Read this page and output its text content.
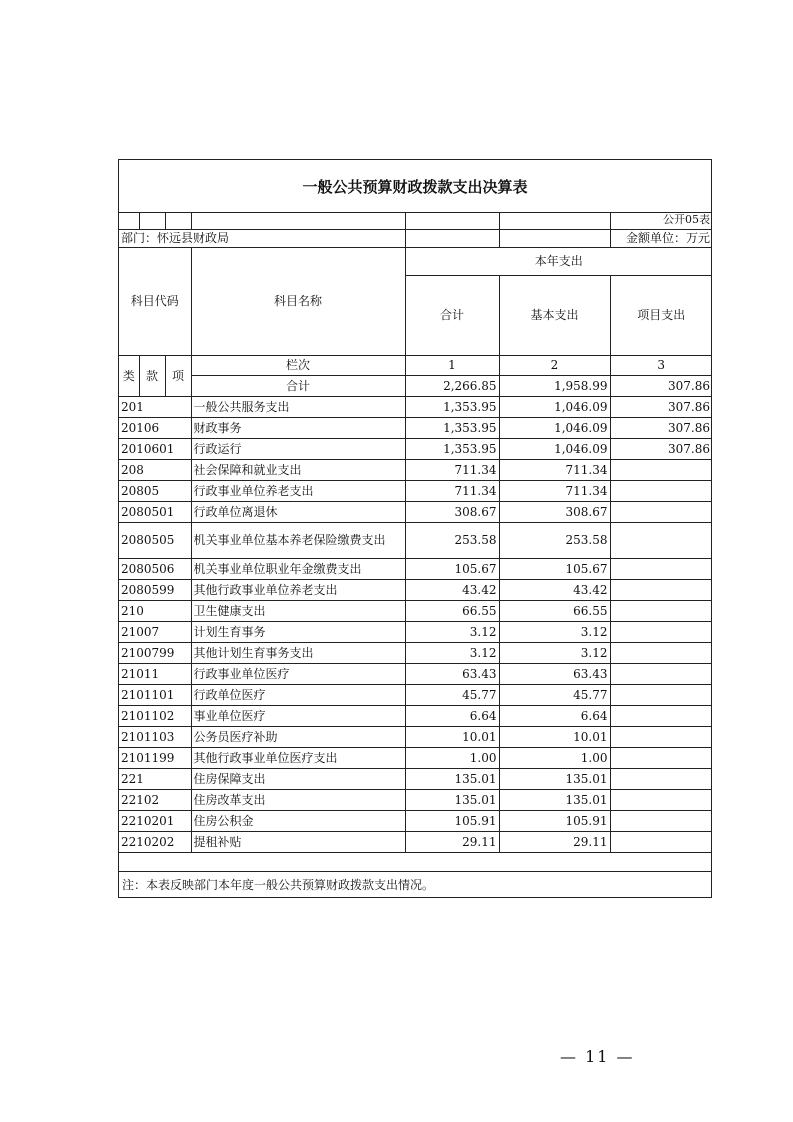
一般公共预算财政拨款支出决算表
						公开05表
部门：怀远县财政局						金额单位：万元
科目代码			科目名称	本年支出		
				合计	基本支出	项目支出
类	款	项	栏次	1	2	3
			合计	2,266.85	1,958.99	307.86
201			一般公共服务支出	1,353.95	1,046.09	307.86
20106			财政事务	1,353.95	1,046.09	307.86
2010601			行政运行	1,353.95	1,046.09	307.86
208			社会保障和就业支出	711.34	711.34	
20805			行政事业单位养老支出	711.34	711.34	
2080501			行政单位离退休	308.67	308.67	
2080505			机关事业单位基本养老保险缴费支出	253.58	253.58	
2080506			机关事业单位职业年金缴费支出	105.67	105.67	
2080599			其他行政事业单位养老支出	43.42	43.42	
210			卫生健康支出	66.55	66.55	
21007			计划生育事务	3.12	3.12	
2100799			其他计划生育事务支出	3.12	3.12	
21011			行政事业单位医疗	63.43	63.43	
2101101			行政单位医疗	45.77	45.77	
2101102			事业单位医疗	6.64	6.64	
2101103			公务员医疗补助	10.01	10.01	
2101199			其他行政事业单位医疗支出	1.00	1.00	
221			住房保障支出	135.01	135.01	
22102			住房改革支出	135.01	135.01	
2210201			住房公积金	105.91	105.91	
2210202			提租补贴	29.11	29.11	
注：本表反映部门本年度一般公共预算财政拨款支出情况。
— 11 —
